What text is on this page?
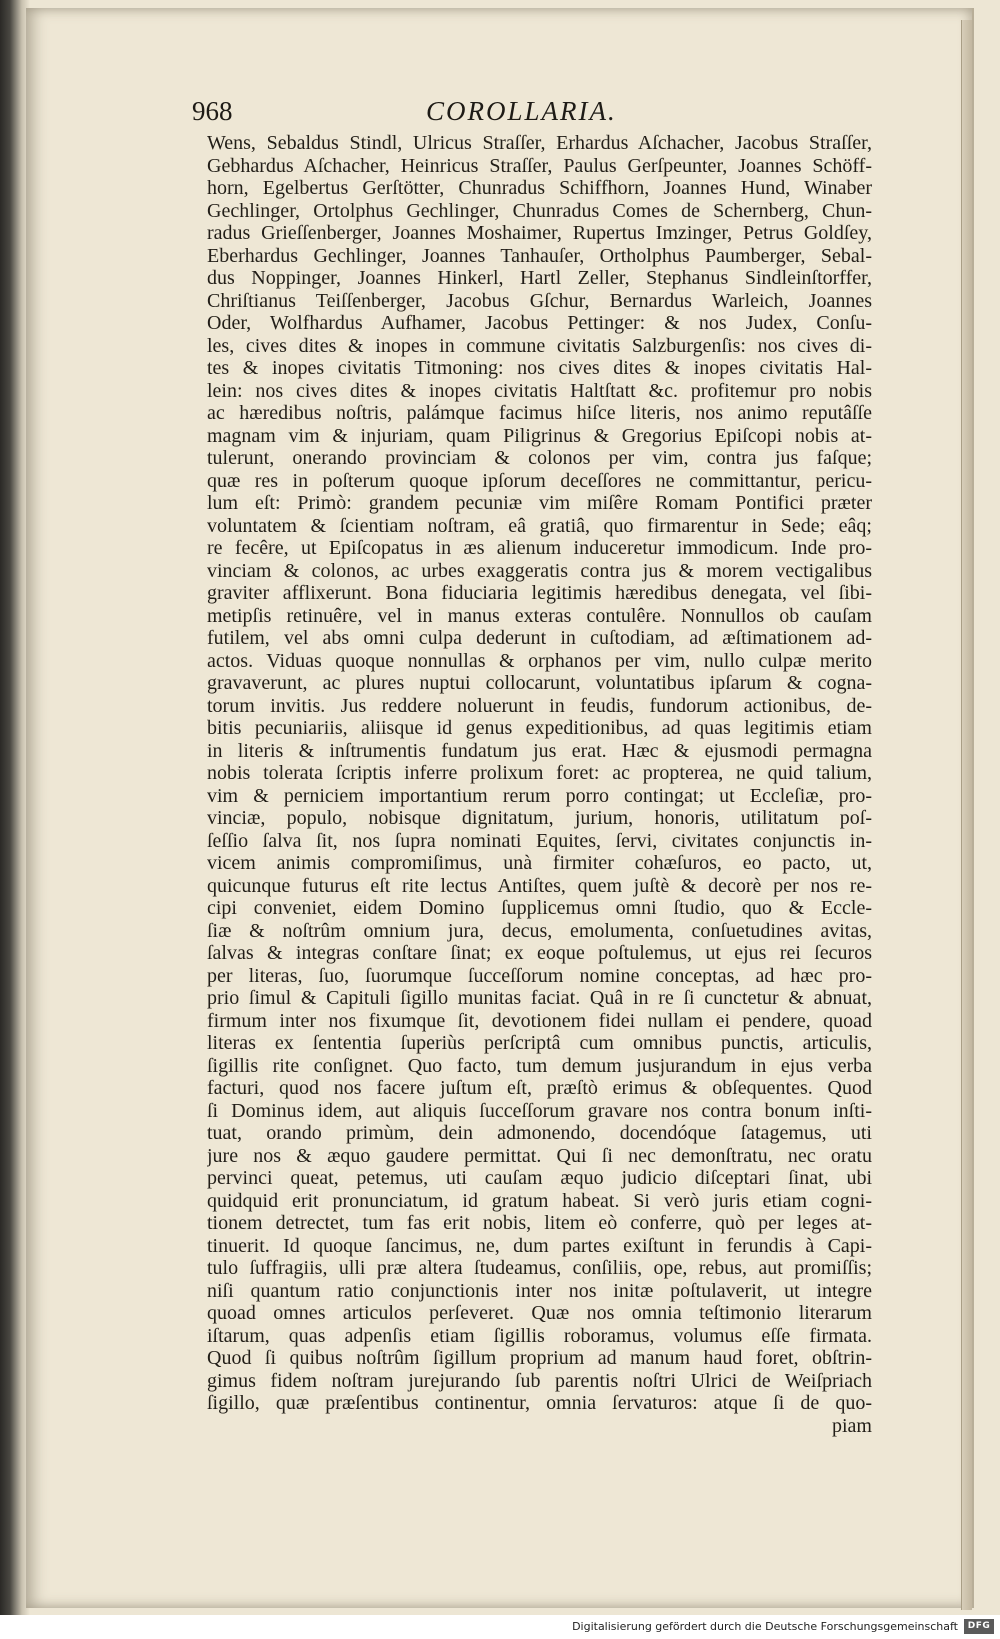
968	COROLLARIA.
Wens, Sebaldus Stindl, Ulricus Straſſer, Erhardus Aſchacher, Jacobus Straſſer,
Gebhardus Aſchacher, Heinricus Straſſer, Paulus Gerſpeunter, Joannes Schöff-
horn, Egelbertus Gerſtötter, Chunradus Schiffhorn, Joannes Hund, Winaber
Gechlinger, Ortolphus Gechlinger, Chunradus Comes de Schernberg, Chun-
radus Grieſſenberger, Joannes Moshaimer, Rupertus Imzinger, Petrus Goldſey,
Eberhardus Gechlinger, Joannes Tanhauſer, Ortholphus Paumberger, Sebal-
dus Noppinger, Joannes Hinkerl, Hartl Zeller, Stephanus Sindleinſtorffer,
Chriſtianus Teiſſenberger, Jacobus Gſchur, Bernardus Warleich, Joannes
Oder, Wolfhardus Aufhamer, Jacobus Pettinger: & nos Judex, Conſu-
les, cives dites & inopes in commune civitatis Salzburgenſis: nos cives di-
tes & inopes civitatis Titmoning: nos cives dites & inopes civitatis Hal-
lein: nos cives dites & inopes civitatis Haltſtatt &c. profitemur pro nobis
ac hæredibus noſtris, palámque facimus hiſce literis, nos animo reputâſſe
magnam vim & injuriam, quam Piligrinus & Gregorius Epiſcopi nobis at-
tulerunt, onerando provinciam & colonos per vim, contra jus faſque;
quæ res in poſterum quoque ipſorum deceſſores ne committantur, pericu-
lum eſt: Primò: grandem pecuniæ vim miſêre Romam Pontifici præter
voluntatem & ſcientiam noſtram, eâ gratiâ, quo firmarentur in Sede; eâq;
re fecêre, ut Epiſcopatus in æs alienum induceretur immodicum. Inde pro-
vinciam & colonos, ac urbes exaggeratis contra jus & morem vectigalibus
graviter afflixerunt. Bona fiduciaria legitimis hæredibus denegata, vel ſibi-
metipſis retinuêre, vel in manus exteras contulêre. Nonnullos ob cauſam
futilem, vel abs omni culpa dederunt in cuſtodiam, ad æſtimationem ad-
actos. Viduas quoque nonnullas & orphanos per vim, nullo culpæ merito
gravaverunt, ac plures nuptui collocarunt, voluntatibus ipſarum & cogna-
torum invitis. Jus reddere noluerunt in feudis, fundorum actionibus, de-
bitis pecuniariis, aliisque id genus expeditionibus, ad quas legitimis etiam
in literis & inſtrumentis fundatum jus erat. Hæc & ejusmodi permagna
nobis tolerata ſcriptis inferre prolixum foret: ac propterea, ne quid talium,
vim & perniciem importantium rerum porro contingat; ut Eccleſiæ, pro-
vinciæ, populo, nobisque dignitatum, jurium, honoris, utilitatum poſ-
ſeſſio ſalva ſit, nos ſupra nominati Equites, ſervi, civitates conjunctis in-
vicem animis compromiſimus, unà firmiter cohæſuros, eo pacto, ut,
quicunque futurus eſt rite lectus Antiſtes, quem juſtè & decorè per nos re-
cipi conveniet, eidem Domino ſupplicemus omni ſtudio, quo & Eccle-
ſiæ & noſtrûm omnium jura, decus, emolumenta, conſuetudines avitas,
ſalvas & integras conſtare ſinat; ex eoque poſtulemus, ut ejus rei ſecuros
per literas, ſuo, ſuorumque ſucceſſorum nomine conceptas, ad hæc pro-
prio ſimul & Capituli ſigillo munitas faciat. Quâ in re ſi cunctetur & abnuat,
firmum inter nos fixumque ſit, devotionem fidei nullam ei pendere, quoad
literas ex ſententia ſuperiùs perſcriptâ cum omnibus punctis, articulis,
ſigillis rite conſignet. Quo facto, tum demum jusjurandum in ejus verba
facturi, quod nos facere juſtum eſt, præſtò erimus & obſequentes. Quod
ſi Dominus idem, aut aliquis ſucceſſorum gravare nos contra bonum inſti-
tuat, orando primùm, dein admonendo, docendóque ſatagemus, uti
jure nos & æquo gaudere permittat. Qui ſi nec demonſtratu, nec oratu
pervinci queat, petemus, uti cauſam æquo judicio diſceptari ſinat, ubi
quidquid erit pronunciatum, id gratum habeat. Si verò juris etiam cogni-
tionem detrectet, tum fas erit nobis, litem eò conferre, quò per leges at-
tinuerit. Id quoque ſancimus, ne, dum partes exiſtunt in ferundis à Capi-
tulo ſuffragiis, ulli præ altera ſtudeamus, conſiliis, ope, rebus, aut promiſſis;
niſi quantum ratio conjunctionis inter nos initæ poſtulaverit, ut integre
quoad omnes articulos perſeveret. Quæ nos omnia teſtimonio literarum
iſtarum, quas adpenſis etiam ſigillis roboramus, volumus eſſe firmata.
Quod ſi quibus noſtrûm ſigillum proprium ad manum haud foret, obſtrin-
gimus fidem noſtram jurejurando ſub parentis noſtri Ulrici de Weiſpriach
ſigillo, quæ præſentibus continentur, omnia ſervaturos: atque ſi de quo-
piam
Digitalisierung gefördert durch die Deutsche Forschungsgemeinschaft	DFG
